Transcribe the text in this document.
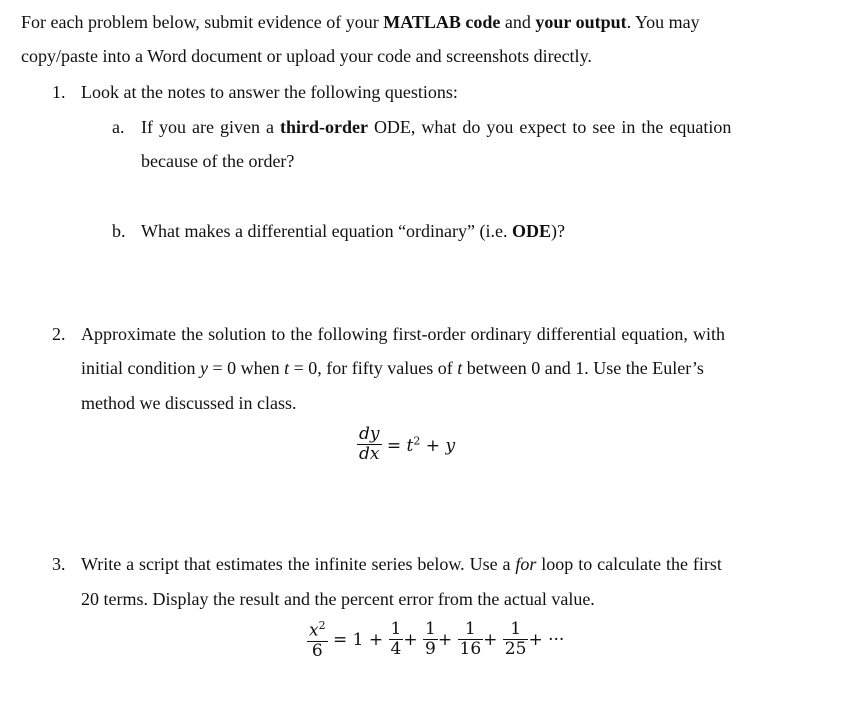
For each problem below, submit evidence of your MATLAB code and your output. You may
copy/paste into a Word document or upload your code and screenshots directly.
1. Look at the notes to answer the following questions:
a. If you are given a third-order ODE, what do you expect to see in the equation
because of the order?
b. What makes a differential equation “ordinary” (i.e. ODE)?
2. Approximate the solution to the following first-order ordinary differential equation, with
initial condition y = 0 when t = 0, for fifty values of t between 0 and 1. Use the Euler’s
method we discussed in class.
$\frac{dy}{dx} = t^2 + y$
3. Write a script that estimates the infinite series below. Use a for loop to calculate the first
20 terms. Display the result and the percent error from the actual value.
$\frac{x^2}{6} = 1 + \frac{1}{4} + \frac{1}{9} + \frac{1}{16} + \frac{1}{25}$ + ···
